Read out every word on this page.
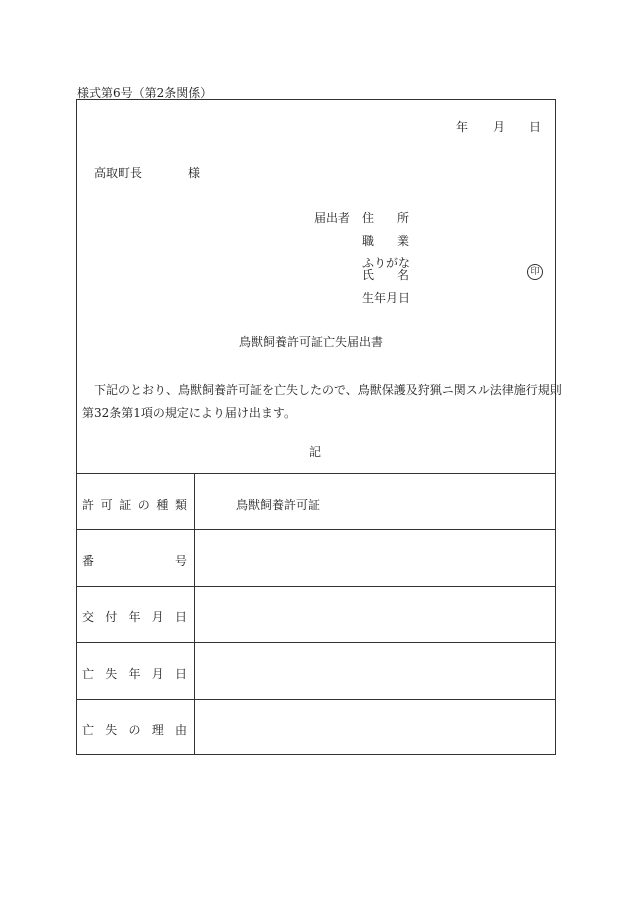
様式第6号（第2条関係）
年 月 日
高取町長	様
届出者 住 所
職 業
ふりがな
氏 名	印
生年月日
鳥獣飼養許可証亡失届出書
下記のとおり、鳥獣飼養許可証を亡失したので、鳥獣保護及狩猟ニ関スル法律施行規則
第32条第1項の規定により届け出ます。
記
許 可 証 の 種 類	鳥獣飼養許可証
番	号
交 付 年 月 日
亡 失 年 月 日
亡 失 の 理 由
